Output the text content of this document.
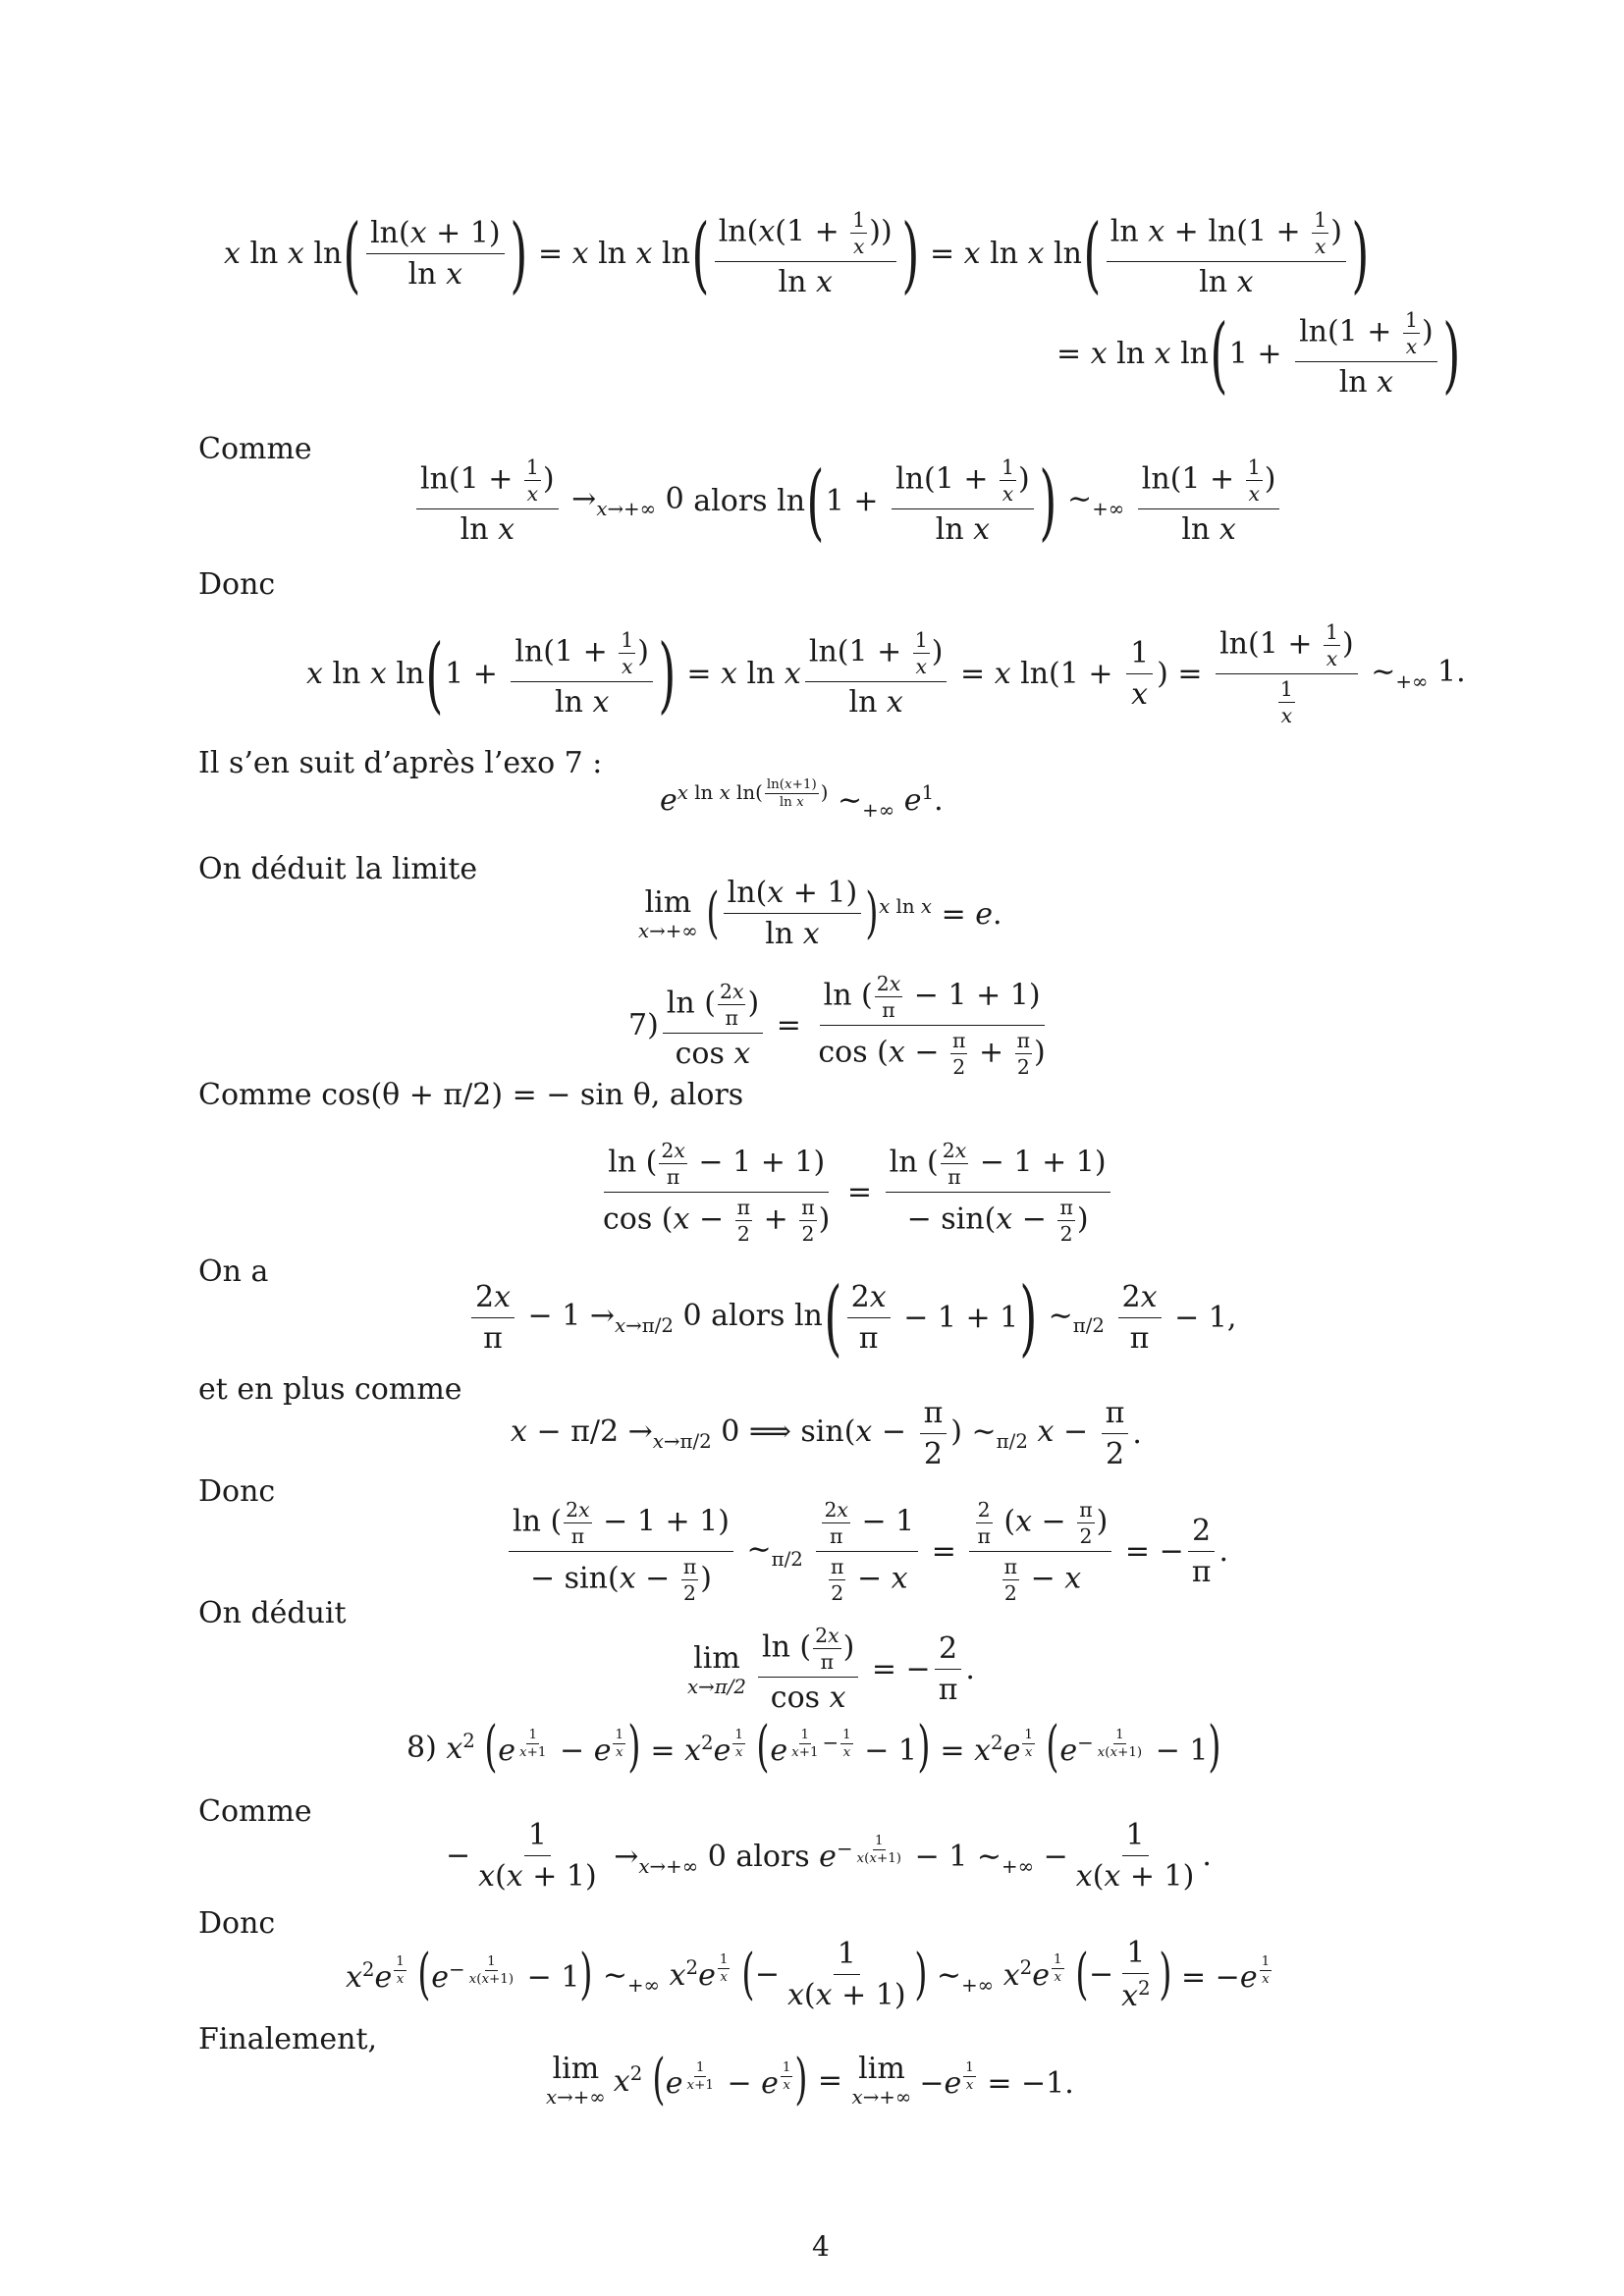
x ln x ln ( $\frac{\ln(x + 1)}{\text{ln x}}$ ) = x ln x ln ( $\frac{\ln(x(1 + \frac{1}{x} ))}{\text{ln x}}$ ) = x ln x ln ( $\frac{\ln x + \ln(1 + \frac{1}{x} )}{\text{ln x}}$ )
= x ln x ln ( $1 + \frac{\ln(1 + \frac{1}{x} )}{\text{ln x}}$ )
Comme
$\frac{\ln(1 + \frac{1}{x} )}{\text{ln x}} \to_{x\to+\infty}$ 0 alors ln ( $1 + \frac{\ln(1 + \frac{1}{x} )}{\text{ln x}}$ ) $\sim_{+\infty} \frac{\ln(1 + \frac{1}{x} )}{\text{ln x}}$
Donc
x ln x ln ( $1 + \frac{\ln(1 + \frac{1}{x} )}{\text{ln x}}$ ) = x ln x $\frac{\ln(1 + \frac{1}{x} )}{\text{ln x}} = x$ $\ln(1 + \frac{1}{x}$ ) = $\frac{\ln(1 + \frac{1}{x} )}{\frac{1}{x}}$ $\sim_{+\infty}$ 1.
Il s’en suit d’après l’exo 7 :
$e^{x ln x ln( \frac{\ln(x+1)}{\text{ln x}} )}$ $\sim_{+\infty}$ $e^1$.
On déduit la limite
lim
x→+∞ ( $\frac{\ln(x + 1)}{\text{ln x}}$ ) $^{x ln x}$ = e.
$7) \frac{\ln ( \frac{2x}{\pi} )}{\text{cos x}} = \frac{\ln ( \frac{2x}{\pi} - 1 + 1)}{\cos (x - \frac{\pi}{2} + \frac{\pi}{2} )}$
Comme cos(θ + π/2) = − sin θ, alors
$\frac{\ln ( \frac{2x}{\pi} - 1 + 1)}{\cos (x - \frac{\pi}{2} + \frac{\pi}{2} )} = \frac{\ln ( \frac{2x}{\pi} - 1 + 1)}{- \sin(x - \frac{\pi}{2} )}$
On a
$\frac{2x}{\pi} - 1 \to_{x\to\pi/2}$ 0 alors ln ( $\frac{2x}{\pi} - 1 + 1$ ) $\sim_{\pi/2} \frac{2x}{\pi} - 1$,
et en plus comme
$x - \pi/2 \to_{x\to\pi/2}$ 0 ⟹ $\sin(x - \frac{\pi}{2}$ ) $\sim_{\pi/2}$ $x - \frac{\pi}{2}$ .
Donc
$\frac{\ln ( \frac{2x}{\pi} - 1 + 1)}{- \sin(x - \frac{\pi}{2} )}$ $\sim_{\pi/2} \frac{\frac{2x}{\pi} - 1}{\frac{\pi}{2} - x} = \frac{\frac{2}{\pi} (x - \frac{\pi}{2} )}{\frac{\pi}{2} - x}$ = − $\frac{2}{\pi}$ .
On déduit
lim
$x\to\pi/2 \frac{\ln ( \frac{2x}{\pi} )}{\text{cos x}}$ = − $\frac{2}{\pi}$ .
8) $x^2$ ( e $^{\frac{1}{x+1}}$ − e $^{\frac{1}{x}}$ ) = $x^2e$ $^{\frac{1}{x}}$
( e $^{\frac{1}{x+1} - \frac{1}{x}}$ − 1 ) = $x^2e$ $^{\frac{1}{x}}$
( $e^{- \frac{1}{x(x+1)}} - 1$ )
Comme
− $\frac{1}{x(x + 1)} \to_{x\to+\infty}$ 0 alors $e^{- \frac{1}{x(x+1)}} - 1$ $\sim_{+\infty} - \frac{1}{x(x + 1)}$ .
Donc
$x^2e$ $^{\frac{1}{x}}$
( $e^{- \frac{1}{x(x+1)}} - 1$ ) $\sim_{+\infty}$ $x^2e$ $^{\frac{1}{x}}$
( − $\frac{1}{x(x + 1)}$ ) $\sim_{+\infty}$ $x^2e$ $^{\frac{1}{x}}$
( − $\frac{1}{x^2}$ ) = −e $^{\frac{1}{x}}$
Finalement,
lim
x→+∞ $x^2$ ( e $^{\frac{1}{x+1}}$ − e $^{\frac{1}{x}}$ ) = lim
x→+∞ −e $^{\frac{1}{x}}$ = −1.
4
